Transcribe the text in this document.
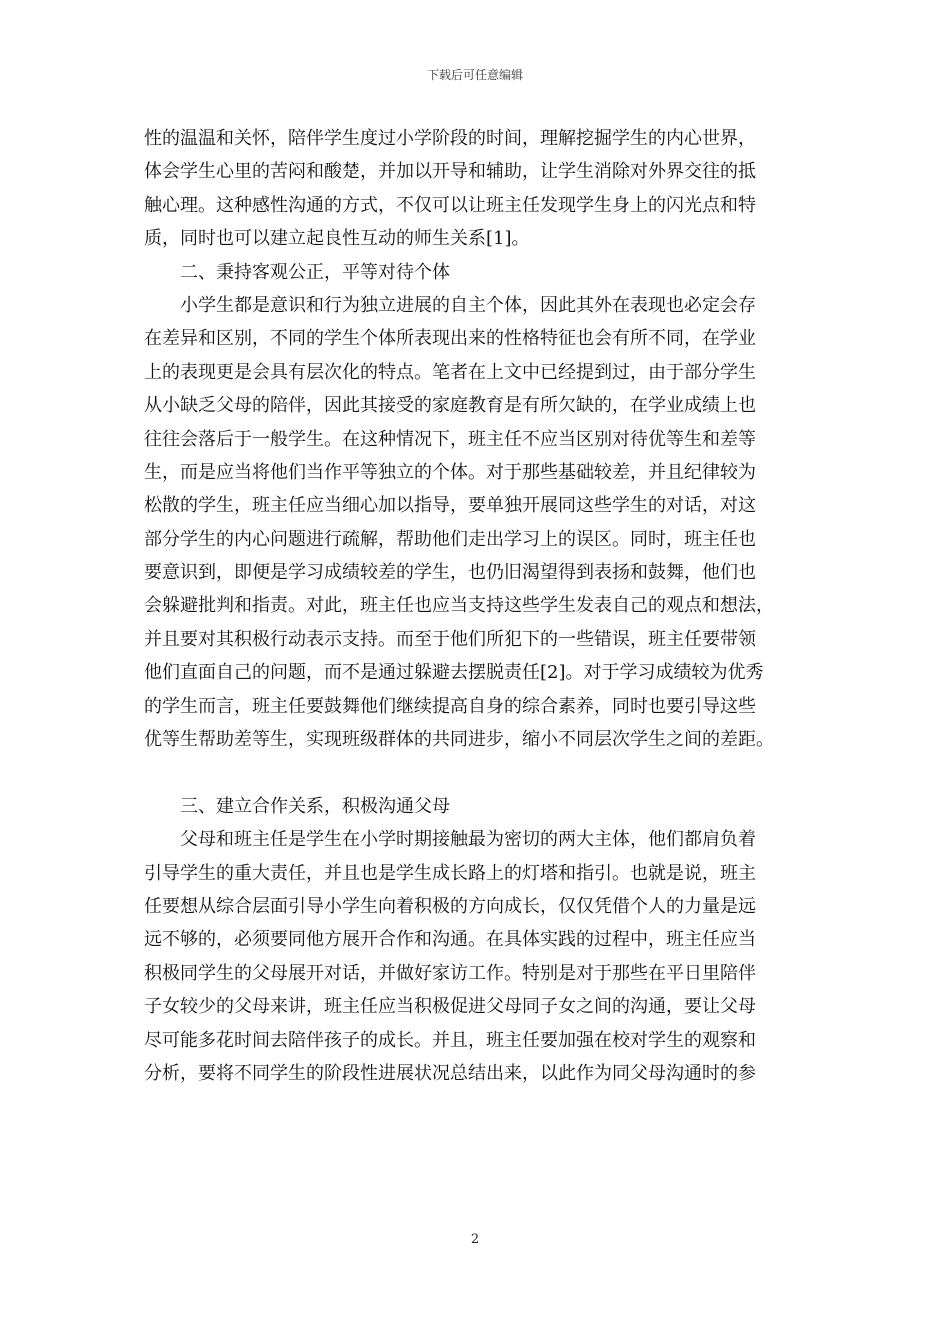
下载后可任意编辑
性的温温和关怀，陪伴学生度过小学阶段的时间，理解挖掘学生的内心世界，
体会学生心里的苦闷和酸楚，并加以开导和辅助，让学生消除对外界交往的抵
触心理。这种感性沟通的方式，不仅可以让班主任发现学生身上的闪光点和特
质，同时也可以建立起良性互动的师生关系[1]。
二、秉持客观公正，平等对待个体
小学生都是意识和行为独立进展的自主个体，因此其外在表现也必定会存
在差异和区别，不同的学生个体所表现出来的性格特征也会有所不同，在学业
上的表现更是会具有层次化的特点。笔者在上文中已经提到过，由于部分学生
从小缺乏父母的陪伴，因此其接受的家庭教育是有所欠缺的，在学业成绩上也
往往会落后于一般学生。在这种情况下，班主任不应当区别对待优等生和差等
生，而是应当将他们当作平等独立的个体。对于那些基础较差，并且纪律较为
松散的学生，班主任应当细心加以指导，要单独开展同这些学生的对话，对这
部分学生的内心问题进行疏解，帮助他们走出学习上的误区。同时，班主任也
要意识到，即便是学习成绩较差的学生，也仍旧渴望得到表扬和鼓舞，他们也
会躲避批判和指责。对此，班主任也应当支持这些学生发表自己的观点和想法，
并且要对其积极行动表示支持。而至于他们所犯下的一些错误，班主任要带领
他们直面自己的问题，而不是通过躲避去摆脱责任[2]。对于学习成绩较为优秀
的学生而言，班主任要鼓舞他们继续提高自身的综合素养，同时也要引导这些
优等生帮助差等生，实现班级群体的共同进步，缩小不同层次学生之间的差距。
三、建立合作关系，积极沟通父母
父母和班主任是学生在小学时期接触最为密切的两大主体，他们都肩负着
引导学生的重大责任，并且也是学生成长路上的灯塔和指引。也就是说，班主
任要想从综合层面引导小学生向着积极的方向成长，仅仅凭借个人的力量是远
远不够的，必须要同他方展开合作和沟通。在具体实践的过程中，班主任应当
积极同学生的父母展开对话，并做好家访工作。特别是对于那些在平日里陪伴
子女较少的父母来讲，班主任应当积极促进父母同子女之间的沟通，要让父母
尽可能多花时间去陪伴孩子的成长。并且，班主任要加强在校对学生的观察和
分析，要将不同学生的阶段性进展状况总结出来，以此作为同父母沟通时的参
2
